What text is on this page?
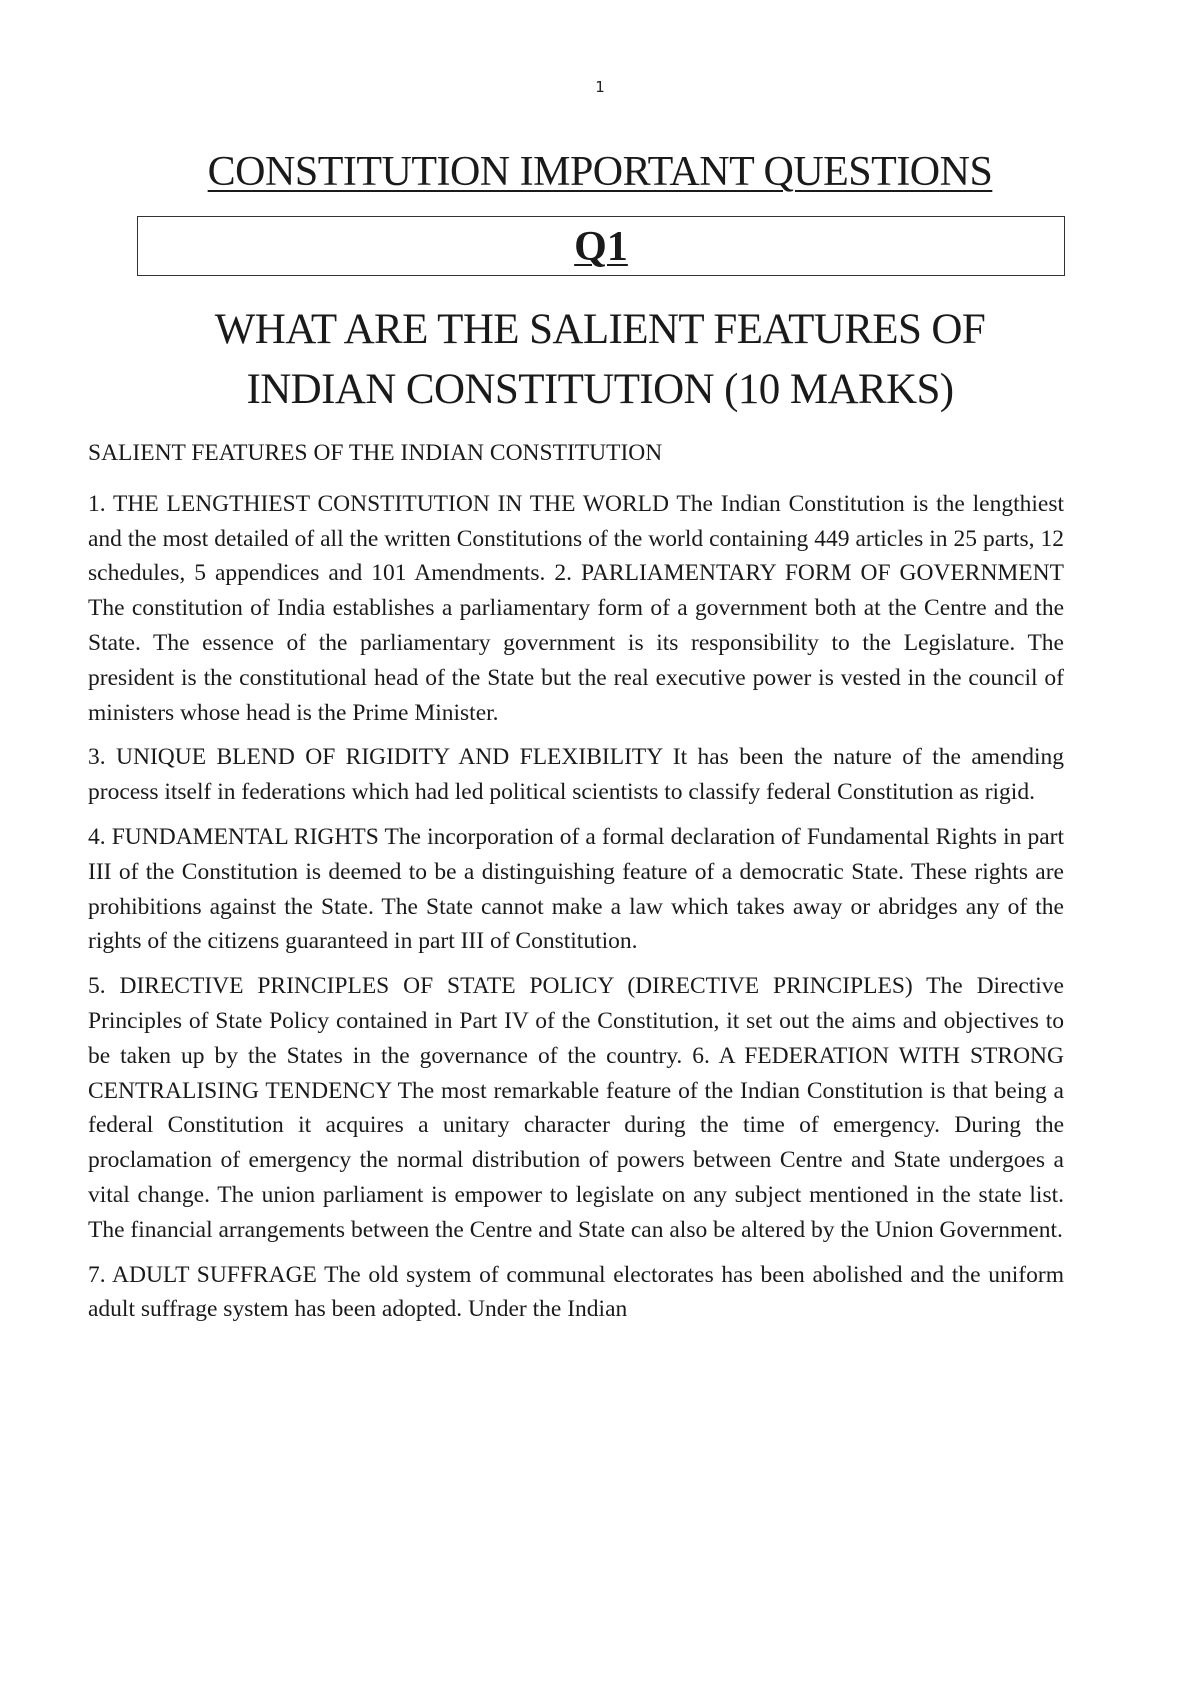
1
CONSTITUTION IMPORTANT QUESTIONS
Q1
WHAT ARE THE SALIENT FEATURES OF
INDIAN CONSTITUTION (10 MARKS)

SALIENT FEATURES OF THE INDIAN CONSTITUTION

1. THE LENGTHIEST CONSTITUTION IN THE WORLD The Indian Constitution is the lengthiest and the most detailed of all the written Constitutions of the world containing 449 articles in 25 parts, 12 schedules, 5 appendices and 101 Amendments. 2. PARLIAMENTARY FORM OF GOVERNMENT The constitution of India establishes a parliamentary form of a government both at the Centre and the State. The essence of the parliamentary government is its responsibility to the Legislature. The president is the constitutional head of the State but the real executive power is vested in the council of ministers whose head is the Prime Minister.

3. UNIQUE BLEND OF RIGIDITY AND FLEXIBILITY It has been the nature of the amending process itself in federations which had led political scientists to classify federal Constitution as rigid.

4. FUNDAMENTAL RIGHTS The incorporation of a formal declaration of Fundamental Rights in part III of the Constitution is deemed to be a distinguishing feature of a democratic State. These rights are prohibitions against the State. The State cannot make a law which takes away or abridges any of the rights of the citizens guaranteed in part III of Constitution.

5. DIRECTIVE PRINCIPLES OF STATE POLICY (DIRECTIVE PRINCIPLES) The Directive Principles of State Policy contained in Part IV of the Constitution, it set out the aims and objectives to be taken up by the States in the governance of the country. 6. A FEDERATION WITH STRONG CENTRALISING TENDENCY The most remarkable feature of the Indian Constitution is that being a federal Constitution it acquires a unitary character during the time of emergency. During the proclamation of emergency the normal distribution of powers between Centre and State undergoes a vital change. The union parliament is empower to legislate on any subject mentioned in the state list. The financial arrangements between the Centre and State can also be altered by the Union Government.

7. ADULT SUFFRAGE The old system of communal electorates has been abolished and the uniform adult suffrage system has been adopted. Under the Indian
